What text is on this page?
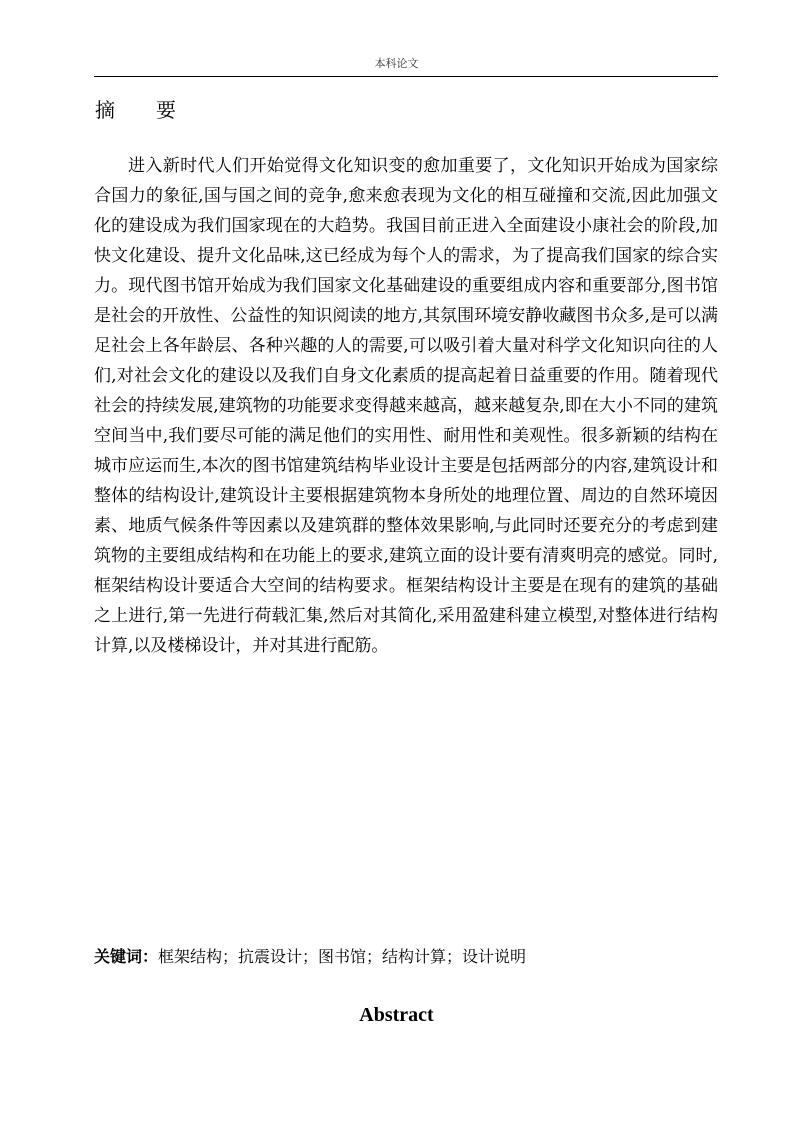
本科论文
摘 要

进入新时代人们开始觉得文化知识变的愈加重要了，文化知识开始成为国家综合国力的象征,国与国之间的竞争,愈来愈表现为文化的相互碰撞和交流,因此加强文化的建设成为我们国家现在的大趋势。我国目前正进入全面建设小康社会的阶段,加快文化建设、提升文化品味,这已经成为每个人的需求，为了提高我们国家的综合实力。现代图书馆开始成为我们国家文化基础建设的重要组成内容和重要部分,图书馆是社会的开放性、公益性的知识阅读的地方,其氛围环境安静收藏图书众多,是可以满足社会上各年龄层、各种兴趣的人的需要,可以吸引着大量对科学文化知识向往的人们,对社会文化的建设以及我们自身文化素质的提高起着日益重要的作用。随着现代社会的持续发展,建筑物的功能要求变得越来越高，越来越复杂,即在大小不同的建筑空间当中,我们要尽可能的满足他们的实用性、耐用性和美观性。很多新颖的结构在城市应运而生,本次的图书馆建筑结构毕业设计主要是包括两部分的内容,建筑设计和整体的结构设计,建筑设计主要根据建筑物本身所处的地理位置、周边的自然环境因素、地质气候条件等因素以及建筑群的整体效果影响,与此同时还要充分的考虑到建筑物的主要组成结构和在功能上的要求,建筑立面的设计要有清爽明亮的感觉。同时,框架结构设计要适合大空间的结构要求。框架结构设计主要是在现有的建筑的基础之上进行,第一先进行荷载汇集,然后对其简化,采用盈建科建立模型,对整体进行结构计算,以及楼梯设计，并对其进行配筋。

关键词：框架结构；抗震设计；图书馆；结构计算；设计说明
Abstract
